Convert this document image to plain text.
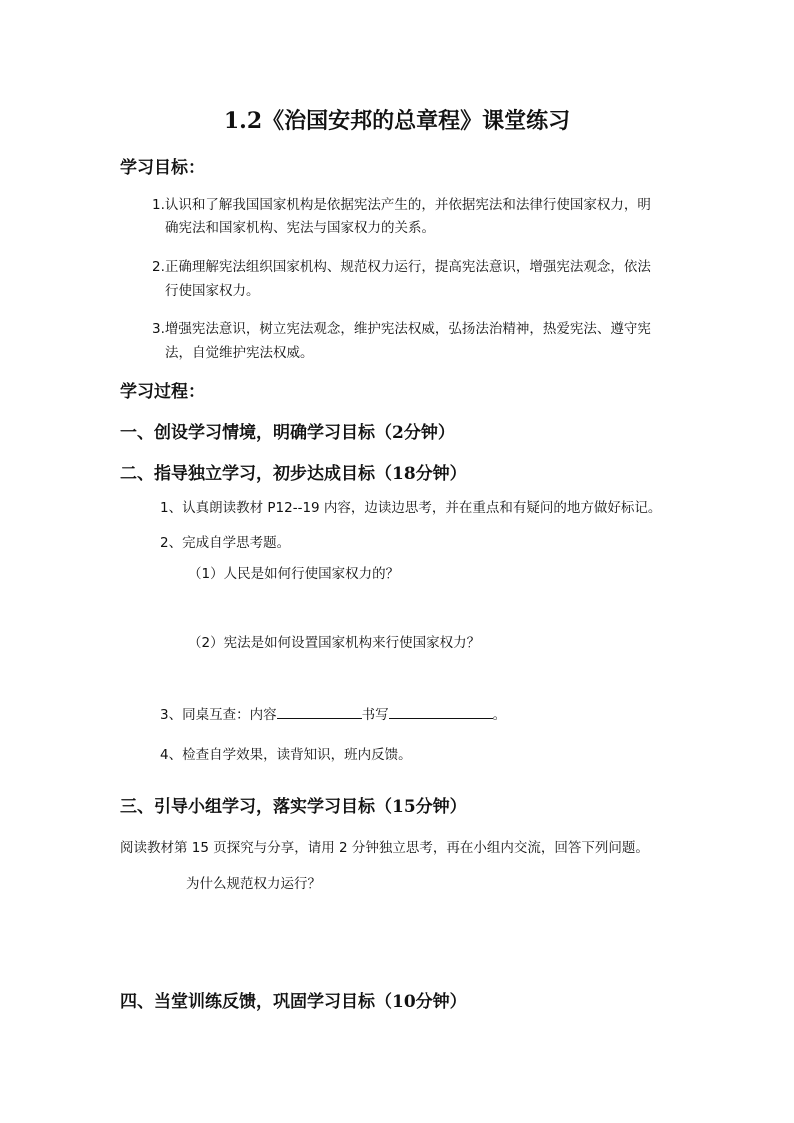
1.2《治国安邦的总章程》课堂练习
学习目标：
1.认识和了解我国国家机构是依据宪法产生的，并依据宪法和法律行使国家权力，明
确宪法和国家机构、宪法与国家权力的关系。
2.正确理解宪法组织国家机构、规范权力运行，提高宪法意识，增强宪法观念，依法
行使国家权力。
3.增强宪法意识，树立宪法观念，维护宪法权威，弘扬法治精神，热爱宪法、遵守宪
法，自觉维护宪法权威。
学习过程：
一、创设学习情境，明确学习目标（2分钟）
二、指导独立学习，初步达成目标（18分钟）
1、认真朗读教材 P12--19 内容，边读边思考，并在重点和有疑问的地方做好标记。
2、完成自学思考题。
（1）人民是如何行使国家权力的？
（2）宪法是如何设置国家机构来行使国家权力？
3、同桌互查：内容	书写	。
4、检查自学效果，读背知识，班内反馈。
三、引导小组学习，落实学习目标（15分钟）
阅读教材第 15 页探究与分享，请用 2 分钟独立思考，再在小组内交流，回答下列问题。
为什么规范权力运行？
四、当堂训练反馈，巩固学习目标（10分钟）
